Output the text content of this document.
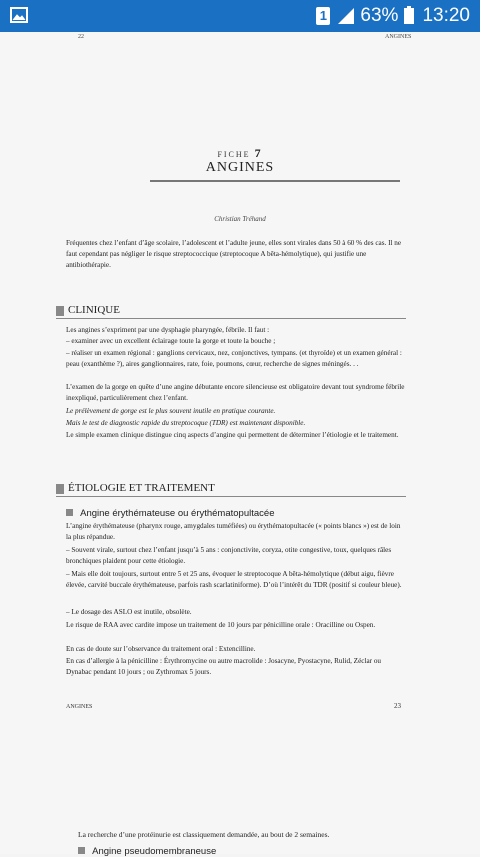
1 63% 13:20
22	ANGINES
FICHE 7
ANGINES
Christian Tréhand
Fréquentes chez l’enfant d’âge scolaire, l’adolescent et l’adulte jeune, elles sont virales dans 50 à 60 % des cas. Il ne faut cependant pas négliger le risque streptococcique (streptocoque A bêta-hémolytique), qui justifie une antibiothérapie.
CLINIQUE
Les angines s’expriment par une dysphagie pharyngée, fébrile. Il faut :
– examiner avec un excellent éclairage toute la gorge et toute la bouche ;
– réaliser un examen régional : ganglions cervicaux, nez, conjonctives, tympans. (et thyroïde) et un examen général : peau (exanthème ?), aires ganglionnaires, rate, foie, poumons, cœur, recherche de signes méningés. . .
L’examen de la gorge en quête d’une angine débutante encore silencieuse est obligatoire devant tout syndrome fébrile inexpliqué, particulièrement chez l’enfant.
Le prélèvement de gorge est le plus souvent inutile en pratique courante.
Mais le test de diagnostic rapide du streptocoque (TDR) est maintenant disponible.
Le simple examen clinique distingue cinq aspects d’angine qui permettent de déterminer l’étiologie et le traitement.
ÉTIOLOGIE ET TRAITEMENT
Angine érythémateuse ou érythématopultacée
L’angine érythémateuse (pharynx rouge, amygdales tuméfiées) ou érythématopultacée (« points blancs ») est de loin la plus répandue.
– Souvent virale, surtout chez l’enfant jusqu’à 5 ans : conjonctivite, coryza, otite congestive, toux, quelques râles bronchiques plaident pour cette étiologie.
– Mais elle doit toujours, surtout entre 5 et 25 ans, évoquer le streptocoque A bêta-hémolytique (début aigu, fièvre élevée, carvité buccale érythémateuse, parfois rash scarlatiniforme). D’où l’intérêt du TDR (positif si couleur bleue).
– Le dosage des ASLO est inutile, obsolète.
Le risque de RAA avec cardite impose un traitement de 10 jours par pénicilline orale : Oracilline ou Ospen.
En cas de doute sur l’observance du traitement oral : Extencilline.
En cas d’allergie à la pénicilline : Érythromycine ou autre macrolide : Josacyne, Pyostacyne, Rulid, Zéclar ou Dynabac pendant 10 jours ; ou Zythromax 5 jours.
ANGINES	23
La recherche d’une protéinurie est classiquement demandée, au bout de 2 semaines.
Angine pseudomembraneuse
